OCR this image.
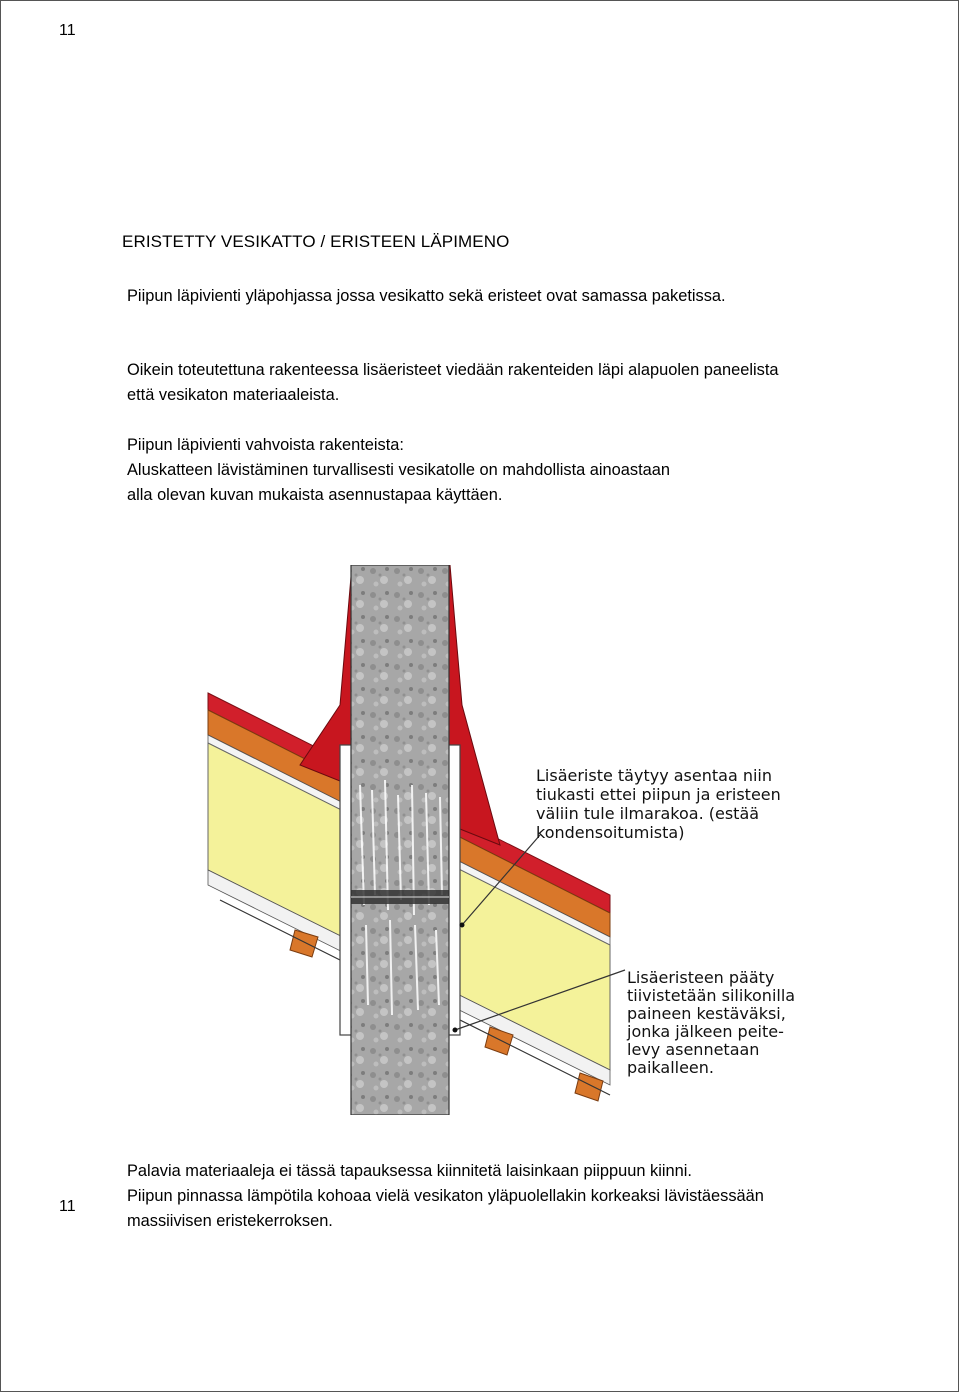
11
ERISTETTY VESIKATTO / ERISTEEN LÄPIMENO
Piipun läpivienti yläpohjassa jossa vesikatto sekä eristeet ovat samassa paketissa.
Oikein toteutettuna rakenteessa lisäeristeet viedään rakenteiden läpi alapuolen paneelista
että vesikaton materiaaleista.
Piipun läpivienti vahvoista rakenteista:
Aluskatteen lävistäminen turvallisesti vesikatolle on mahdollista ainoastaan
alla olevan kuvan mukaista asennustapaa käyttäen.
Lisäeriste täytyy asentaa niin tiukasti ettei piipun ja eristeen väliin tule ilmarakoa. (estää kondensoitumista)
Lisäeristeen pääty tiivistetään silikonilla paineen kestäväksi, jonka jälkeen peite- levy asennetaan paikalleen.
11
Palavia materiaaleja ei tässä tapauksessa kiinnitetä laisinkaan piippuun kiinni.
Piipun pinnassa lämpötila kohoaa vielä vesikaton yläpuolellakin korkeaksi lävistäessään
massiivisen eristekerroksen.
